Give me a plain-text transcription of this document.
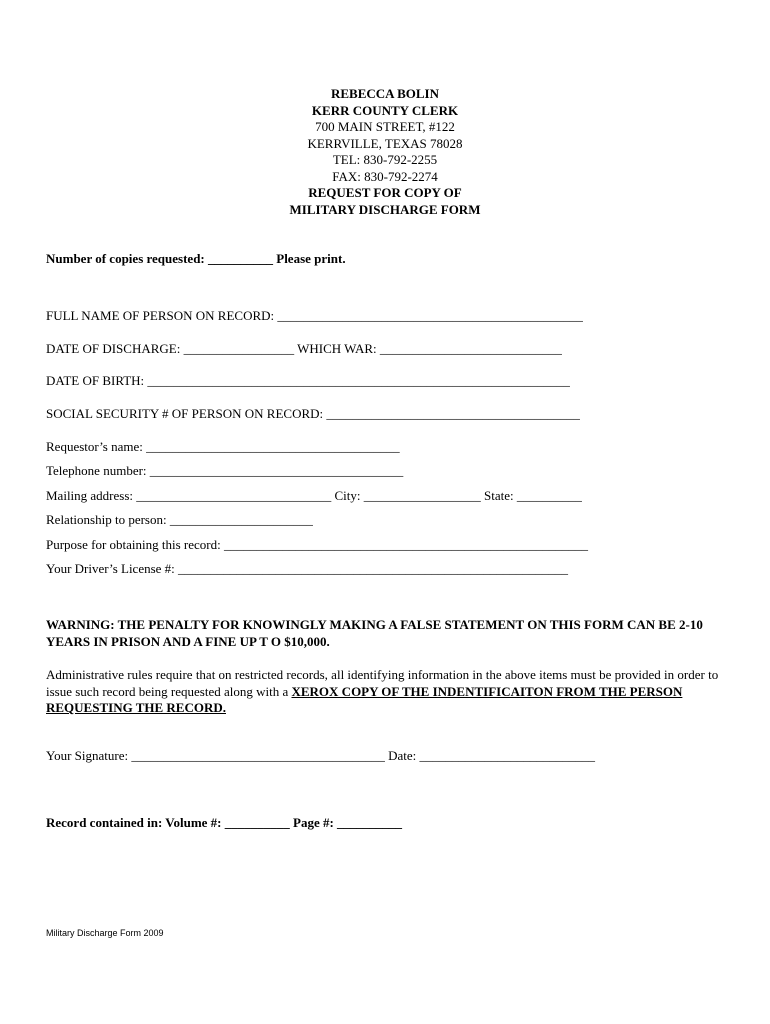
REBECCA BOLIN
KERR COUNTY CLERK
700 MAIN STREET, #122
KERRVILLE, TEXAS 78028
TEL: 830-792-2255
FAX: 830-792-2274
REQUEST FOR COPY OF
MILITARY DISCHARGE FORM
Number of copies requested: __________ Please print.
FULL NAME OF PERSON ON RECORD: _______________________________________________
DATE OF DISCHARGE: _________________ WHICH WAR: ____________________________
DATE OF BIRTH: _________________________________________________________________
SOCIAL SECURITY # OF PERSON ON RECORD: _______________________________________
Requestor’s name: _______________________________________
Telephone number: _______________________________________
Mailing address: ______________________________ City: __________________ State: __________
Relationship to person: ______________________
Purpose for obtaining this record: ________________________________________________________
Your Driver’s License #: ____________________________________________________________
WARNING: THE PENALTY FOR KNOWINGLY MAKING A FALSE STATEMENT ON THIS FORM CAN BE 2-10 YEARS IN PRISON AND A FINE UP T O $10,000.
Administrative rules require that on restricted records, all identifying information in the above items must be provided in order to issue such record being requested along with a XEROX COPY OF THE INDENTIFICAITON FROM THE PERSON REQUESTING THE RECORD.
Your Signature: _______________________________________ Date: ___________________________
Record contained in: Volume #: __________ Page #: __________
Military Discharge Form 2009
